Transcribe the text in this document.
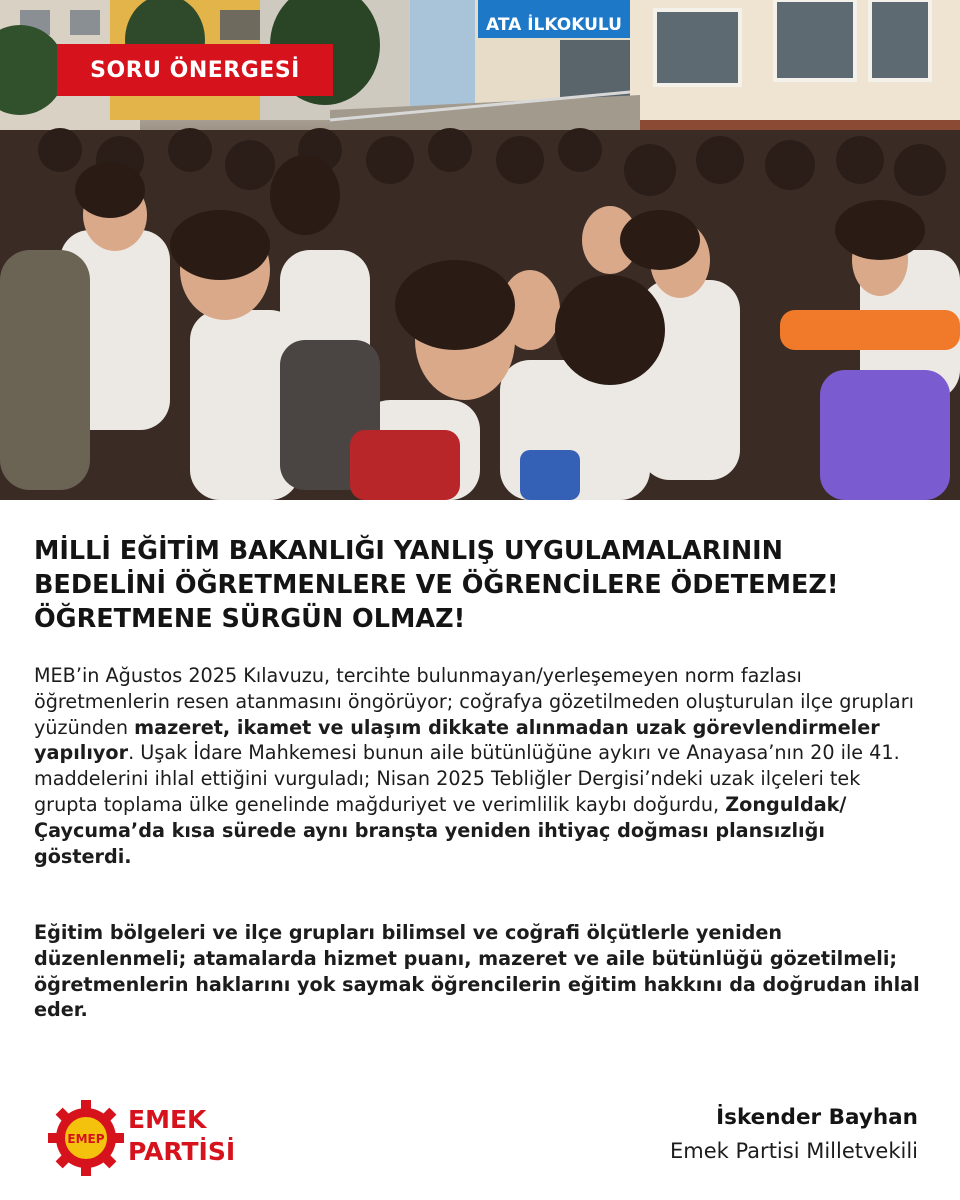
ATA İLKOKULU
SORU ÖNERGESİ
MİLLİ EĞİTİM BAKANLIĞI YANLIŞ UYGULAMALARININ
BEDELİNİ ÖĞRETMENLERE VE ÖĞRENCİLERE ÖDETEMEZ!
ÖĞRETMENE SÜRGÜN OLMAZ!

MEB’in Ağustos 2025 Kılavuzu, tercihte bulunmayan/yerleşemeyen norm fazlası öğretmenlerin resen atanmasını öngörüyor; coğrafya gözetilmeden oluşturulan ilçe grupları yüzünden mazeret, ikamet ve ulaşım dikkate alınmadan uzak görevlendirmeler yapılıyor. Uşak İdare Mahkemesi bunun aile bütünlüğüne aykırı ve Anayasa’nın 20 ile 41. maddelerini ihlal ettiğini vurguladı; Nisan 2025 Tebliğler Dergisi’ndeki uzak ilçeleri tek grupta toplama ülke genelinde mağduriyet ve verimlilik kaybı doğurdu, Zonguldak/ Çaycuma’da kısa sürede aynı branşta yeniden ihtiyaç doğması plansızlığı gösterdi.

Eğitim bölgeleri ve ilçe grupları bilimsel ve coğrafi ölçütlerle yeniden düzenlenmeli; atamalarda hizmet puanı, mazeret ve aile bütünlüğü gözetilmeli; öğretmenlerin haklarını yok saymak öğrencilerin eğitim hakkını da doğrudan ihlal eder.

EMEP
EMEK
PARTİSİ
İskender Bayhan
Emek Partisi Milletvekili
